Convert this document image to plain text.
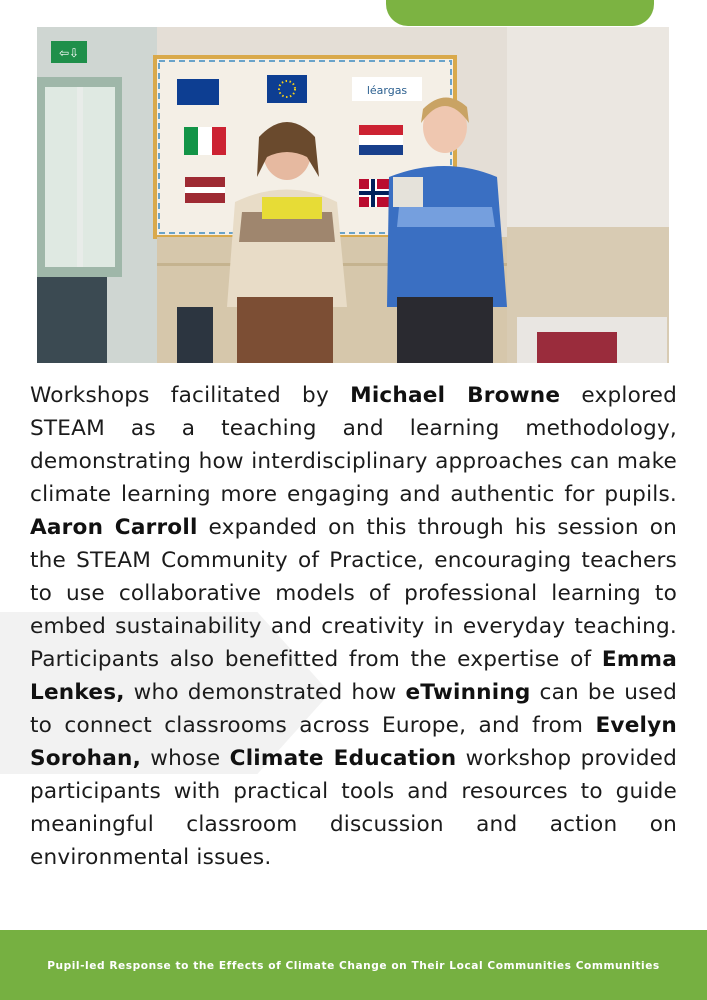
⇦⇩
léargas
Workshops facilitated by Michael Browne explored STEAM as a teaching and learning methodology, demonstrating how interdisciplinary approaches can make climate learning more engaging and authentic for pupils. Aaron Carroll expanded on this through his session on the STEAM Community of Practice, encouraging teachers to use collaborative models of professional learning to embed sustainability and creativity in everyday teaching. Participants also benefitted from the expertise of Emma Lenkes, who demonstrated how eTwinning can be used to connect classrooms across Europe, and from Evelyn Sorohan, whose Climate Education workshop provided participants with practical tools and resources to guide meaningful classroom discussion and action on environmental issues.
Pupil-led Response to the Effects of Climate Change on Their Local Communities Communities
